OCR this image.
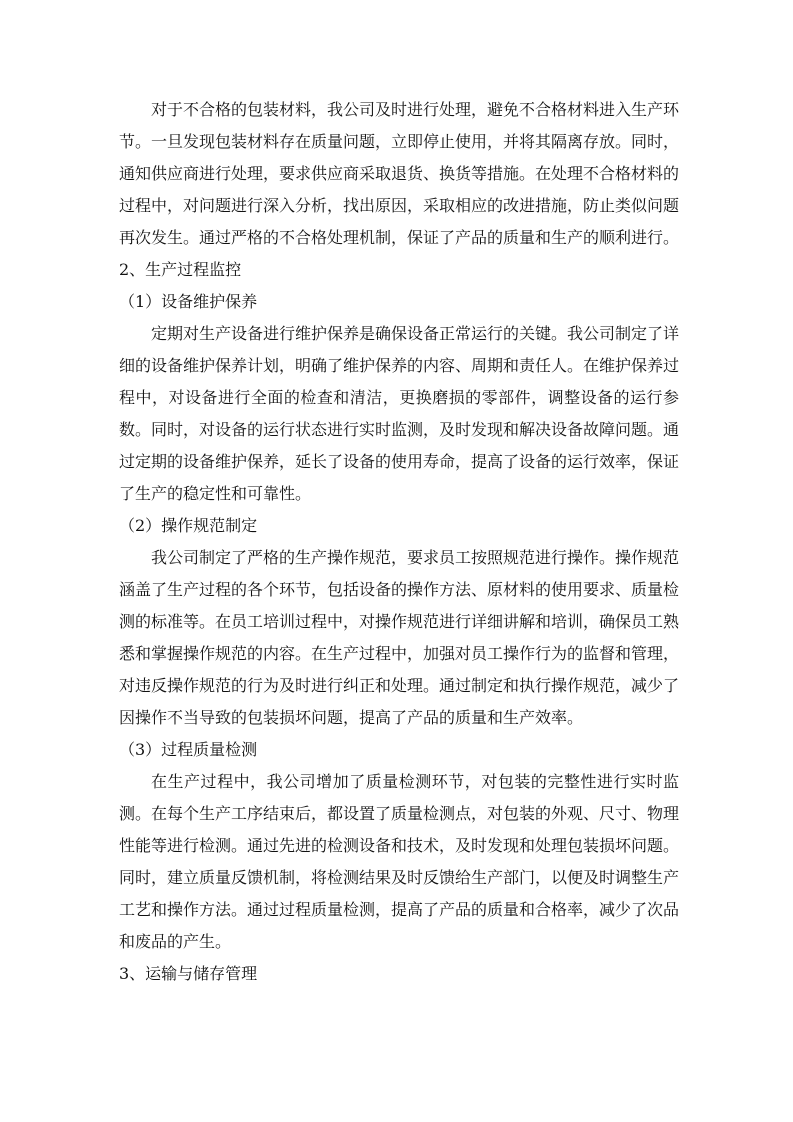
对于不合格的包装材料，我公司及时进行处理，避免不合格材料进入生产环节。一旦发现包装材料存在质量问题，立即停止使用，并将其隔离存放。同时，通知供应商进行处理，要求供应商采取退货、换货等措施。在处理不合格材料的过程中，对问题进行深入分析，找出原因，采取相应的改进措施，防止类似问题再次发生。通过严格的不合格处理机制，保证了产品的质量和生产的顺利进行。

2、生产过程监控

（1）设备维护保养

定期对生产设备进行维护保养是确保设备正常运行的关键。我公司制定了详细的设备维护保养计划，明确了维护保养的内容、周期和责任人。在维护保养过程中，对设备进行全面的检查和清洁，更换磨损的零部件，调整设备的运行参数。同时，对设备的运行状态进行实时监测，及时发现和解决设备故障问题。通过定期的设备维护保养，延长了设备的使用寿命，提高了设备的运行效率，保证了生产的稳定性和可靠性。

（2）操作规范制定

我公司制定了严格的生产操作规范，要求员工按照规范进行操作。操作规范涵盖了生产过程的各个环节，包括设备的操作方法、原材料的使用要求、质量检测的标准等。在员工培训过程中，对操作规范进行详细讲解和培训，确保员工熟悉和掌握操作规范的内容。在生产过程中，加强对员工操作行为的监督和管理，对违反操作规范的行为及时进行纠正和处理。通过制定和执行操作规范，减少了因操作不当导致的包装损坏问题，提高了产品的质量和生产效率。

（3）过程质量检测

在生产过程中，我公司增加了质量检测环节，对包装的完整性进行实时监测。在每个生产工序结束后，都设置了质量检测点，对包装的外观、尺寸、物理性能等进行检测。通过先进的检测设备和技术，及时发现和处理包装损坏问题。同时，建立质量反馈机制，将检测结果及时反馈给生产部门，以便及时调整生产工艺和操作方法。通过过程质量检测，提高了产品的质量和合格率，减少了次品和废品的产生。

3、运输与储存管理
